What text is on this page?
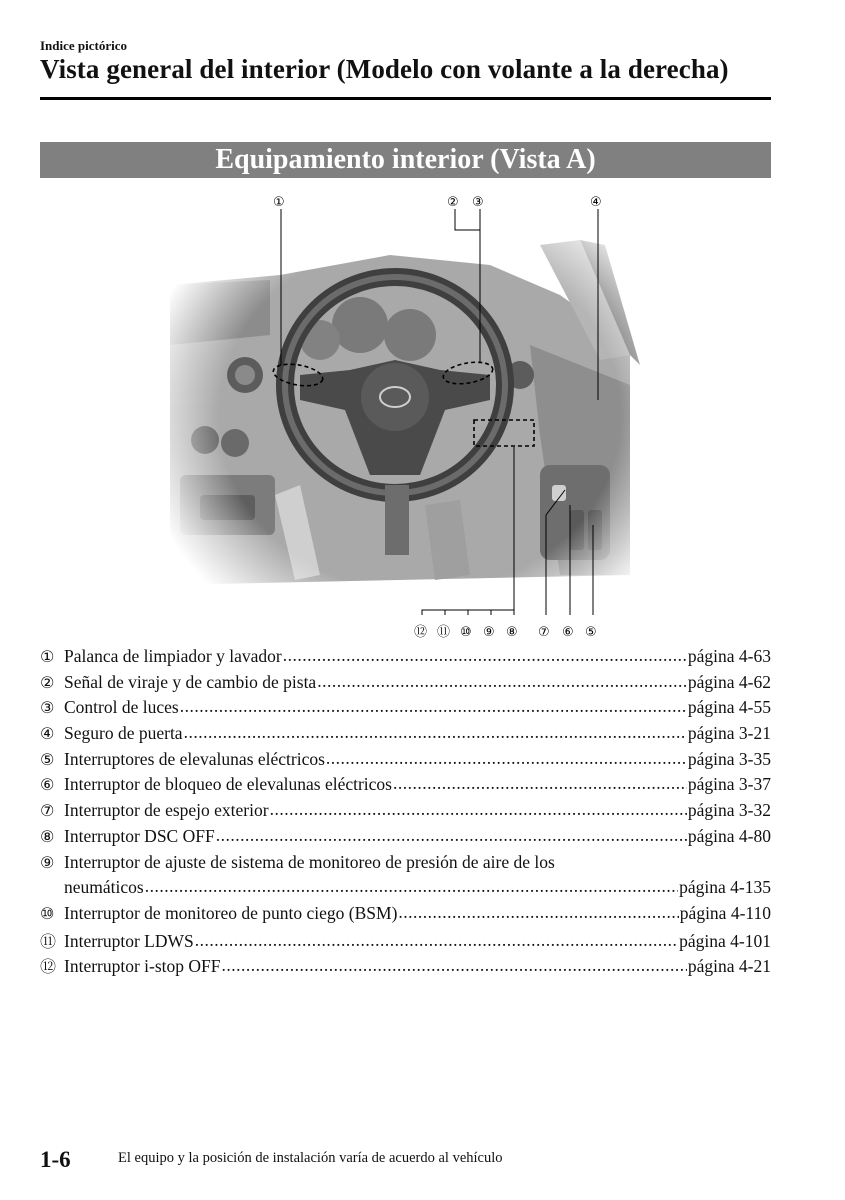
Indice pictórico
Vista general del interior (Modelo con volante a la derecha)
Equipamiento interior (Vista A)
①	② ③	④
⑫ ⑪ ⑩ ⑨ ⑧ ⑦ ⑥ ⑤
① Palanca de limpiador y lavador .....	página 4-63
② Señal de viraje y de cambio de pista .....	página 4-62
③ Control de luces .....	página 4-55
④ Seguro de puerta .....	página 3-21
⑤ Interruptores de elevalunas eléctricos .....	página 3-35
⑥ Interruptor de bloqueo de elevalunas eléctricos .....	página 3-37
⑦ Interruptor de espejo exterior .....	página 3-32
⑧ Interruptor DSC OFF .....	página 4-80
⑨ Interruptor de ajuste de sistema de monitoreo de presión de aire de los
neumáticos .....	página 4-135
⑩ Interruptor de monitoreo de punto ciego (BSM) .....	página 4-110
⑪ Interruptor LDWS .....	página 4-101
⑫ Interruptor i-stop OFF .....	página 4-21
1-6	El equipo y la posición de instalación varía de acuerdo al vehículo
